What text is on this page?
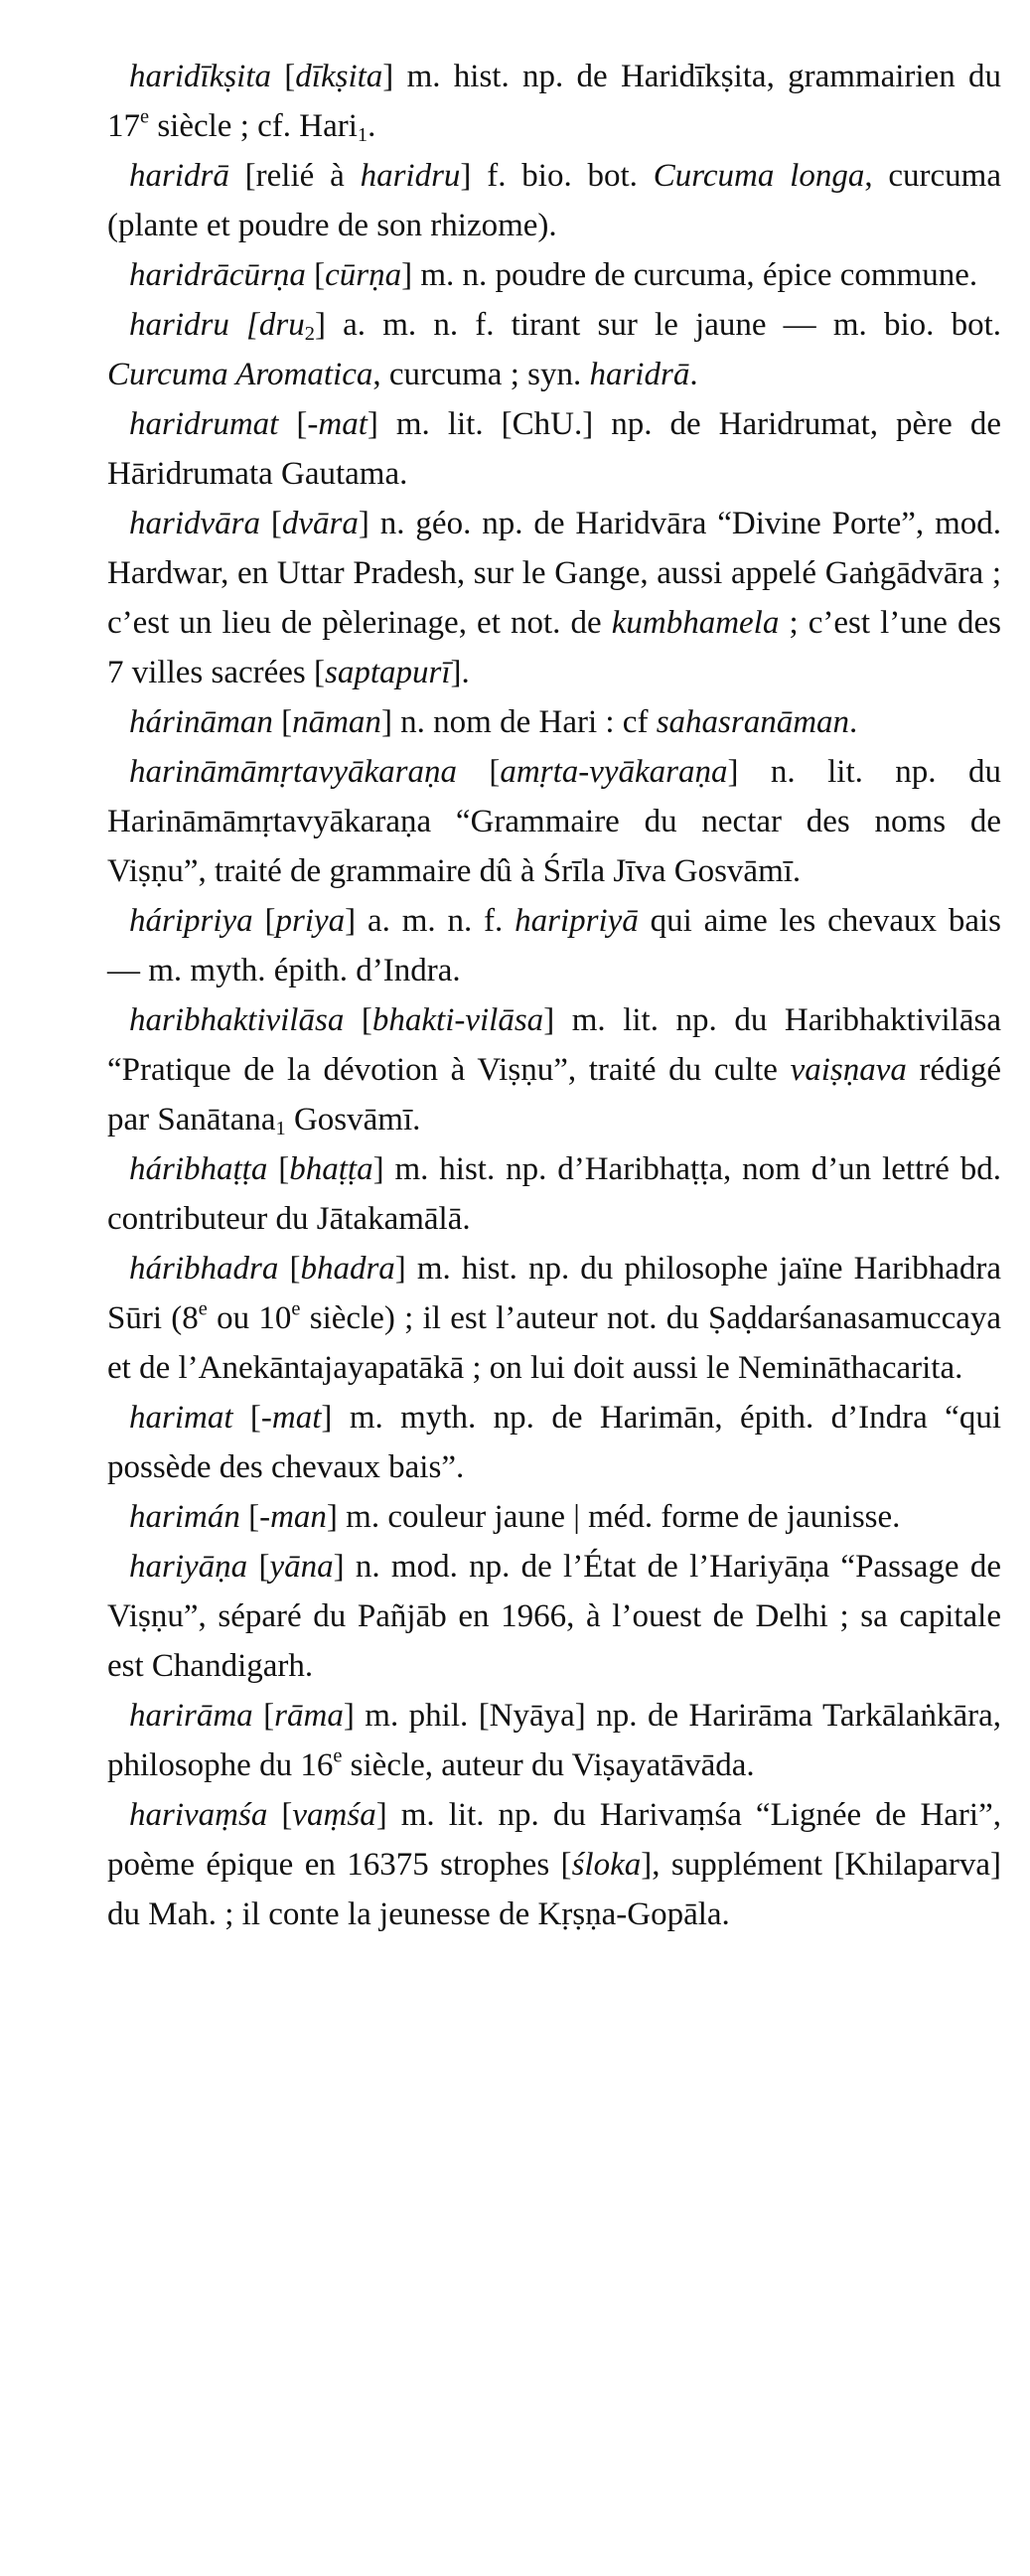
haridīkṣita [dīkṣita] m. hist. np. de Haridīkṣita, grammairien du 17e siècle ; cf. Hari$_1$.

haridrā [relié à haridru] f. bio. bot. Curcuma longa, curcuma (plante et poudre de son rhizome).

haridrācūrṇa [cūrṇa] m. n. poudre de curcuma, épice commune.

haridru [dru$_2$] a. m. n. f. tirant sur le jaune — m. bio. bot. Curcuma Aromatica, curcuma ; syn. haridrā.

haridrumat [-mat] m. lit. [ChU.] np. de Haridrumat, père de Hāridrumata Gautama.

haridvāra [dvāra] n. géo. np. de Haridvāra “Divine Porte”, mod. Hardwar, en Uttar Pradesh, sur le Gange, aussi appelé Gaṅgādvāra ; c’est un lieu de pèlerinage, et not. de kumbhamela ; c’est l’une des 7 villes sacrées [saptapurī].

hárināman [nāman] n. nom de Hari : cf sahasranāman.

harināmāmṛtavyākaraṇa [amṛta-vyākaraṇa] n. lit. np. du Harināmāmṛtavyākaraṇa “Grammaire du nectar des noms de Viṣṇu”, traité de grammaire dû à Śrīla Jīva Gosvāmī.

háripriya [priya] a. m. n. f. haripriyā qui aime les chevaux bais — m. myth. épith. d’Indra.

haribhaktivilāsa [bhakti-vilāsa] m. lit. np. du Haribhaktivilāsa “Pratique de la dévotion à Viṣṇu”, traité du culte vaiṣṇava rédigé par Sanātana$_1$ Gosvāmī.

háribhaṭṭa [bhaṭṭa] m. hist. np. d’Haribhaṭṭa, nom d’un lettré bd. contributeur du Jātakamālā.

háribhadra [bhadra] m. hist. np. du philosophe jaïne Haribhadra Sūri (8e ou 10e siècle) ; il est l’auteur not. du Ṣaḍdarśanasamuccaya et de l’Anekāntajayapatākā ; on lui doit aussi le Nemināthacarita.

harimat [-mat] m. myth. np. de Harimān, épith. d’Indra “qui possède des chevaux bais”.

harimán [-man] m. couleur jaune | méd. forme de jaunisse.

hariyāṇa [yāna] n. mod. np. de l’État de l’Hariyāṇa “Passage de Viṣṇu”, séparé du Pañjāb en 1966, à l’ouest de Delhi ; sa capitale est Chandigarh.

harirāma [rāma] m. phil. [Nyāya] np. de Harirāma Tarkālaṅkāra, philosophe du 16e siècle, auteur du Viṣayatāvāda.

harivaṃśa [vaṃśa] m. lit. np. du Harivaṃśa “Lignée de Hari”, poème épique en 16375 strophes [śloka], supplément [Khilaparva] du Mah. ; il conte la jeunesse de Kṛṣṇa-Gopāla.
